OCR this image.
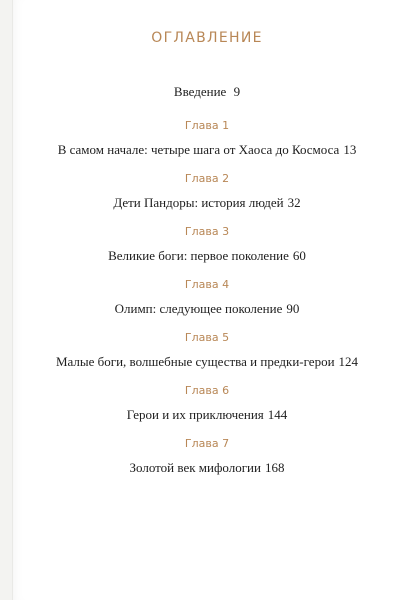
ОГЛАВЛЕНИЕ
Введение 9
Глава 1
В самом начале: четыре шага от Хаоса до Космоса 13
Глава 2
Дети Пандоры: история людей 32
Глава 3
Великие боги: первое поколение 60
Глава 4
Олимп: следующее поколение 90
Глава 5
Малые боги, волшебные существа и предки-герои 124
Глава 6
Герои и их приключения 144
Глава 7
Золотой век мифологии 168
